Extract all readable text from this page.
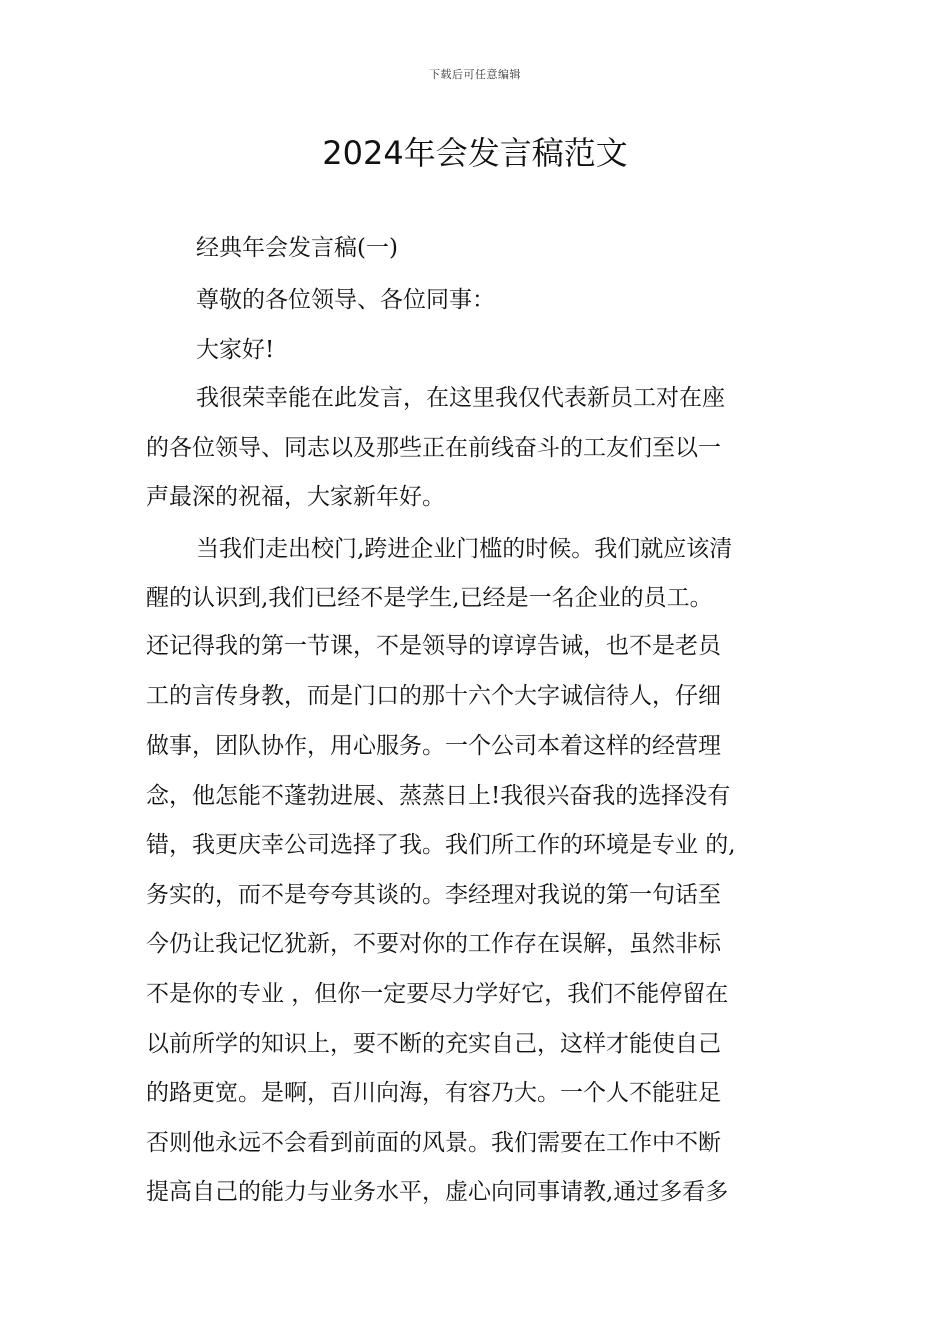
下载后可任意编辑
2024年会发言稿范文
经典年会发言稿(一)
尊敬的各位领导、各位同事：
大家好!
我很荣幸能在此发言，在这里我仅代表新员工对在座
的各位领导、同志以及那些正在前线奋斗的工友们至以一
声最深的祝福，大家新年好。
当我们走出校门,跨进企业门槛的时候。我们就应该清
醒的认识到,我们已经不是学生,已经是一名企业的员工。
还记得我的第一节课，不是领导的谆谆告诫，也不是老员
工的言传身教，而是门口的那十六个大字诚信待人，仔细
做事，团队协作，用心服务。一个公司本着这样的经营理
念，他怎能不蓬勃进展、蒸蒸日上!我很兴奋我的选择没有
错，我更庆幸公司选择了我。我们所工作的环境是专业 的,
务实的，而不是夸夸其谈的。李经理对我说的第一句话至
今仍让我记忆犹新，不要对你的工作存在误解，虽然非标
不是你的专业 ，但你一定要尽力学好它，我们不能停留在
以前所学的知识上，要不断的充实自己，这样才能使自己
的路更宽。是啊，百川向海，有容乃大。一个人不能驻足
否则他永远不会看到前面的风景。我们需要在工作中不断
提高自己的能力与业务水平，虚心向同事请教,通过多看多
